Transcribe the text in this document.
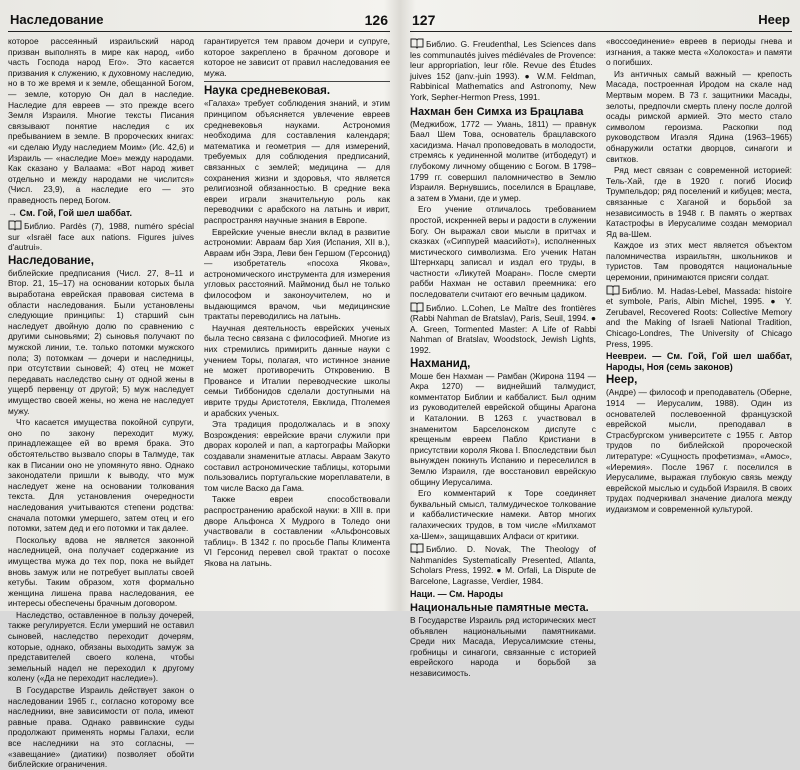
Наследование	126

которое рассеянный израильский народ призван выполнять в мире как народ, «ибо часть Господа народ Его». Это касается призвания к служению, к духовному наследию, но в то же время и к земле, обещанной Богом, — земле, которую Он дал в наследие. Наследие для евреев — это прежде всего Земля Израиля. Многие тексты Писания связывают понятие наследия с их пребыванием в земле. В пророческих книгах: «и сделаю Иуду наследием Моим» (Ис. 42,6) и Израиль — «наследие Мое» между народами. Как сказано у Валаама: «Вот народ живет отдельно и между народами не числится» (Числ. 23,9), а наследие его — это праведность перед Богом.

→ См. Гой, Гой шел шаббат.
Библио. Pardès (7), 1988, numéro spécial sur «Israël face aux nations. Figures juives d'autrui».
Наследование,

библейские предписания (Числ. 27, 8–11 и Втор. 21, 15–17) на основании которых была выработана еврейская правовая система в области наследования. Были установлены следующие принципы: 1) старший сын наследует двойную долю по сравнению с другими сыновьями; 2) сыновья получают по мужской линии, т.е. только потомки мужского пола; 3) потомкам — дочери и наследницы, при отсутствии сыновей; 4) отец не может передавать наследство сыну от одной жены в ущерб первенцу от другой; 5) муж наследует имущество своей жены, но жена не наследует мужу.

Что касается имущества покойной супруги, оно по закону переходит мужу, принадлежащее ей во время брака. Это обстоятельство вызвало споры в Талмуде, так как в Писании оно не упомянуто явно. Однако законодатели пришли к выводу, что муж наследует жене на основании толкования текста. Для установления очередности наследования учитываются степени родства: сначала потомки умершего, затем отец и его потомки, затем дед и его потомки и так далее.

Поскольку вдова не является законной наследницей, она получает содержание из имущества мужа до тех пор, пока не выйдет вновь замуж или не потребует выплаты своей кетубы. Таким образом, хотя формально женщина лишена права наследования, ее интересы обеспечены брачным договором.

Наследство, оставленное в пользу дочерей, также регулируется. Если умерший не оставил сыновей, наследство переходит дочерям, которые, однако, обязаны выходить замуж за представителей своего колена, чтобы земельный надел не переходил к другому колену («Да не переходит наследие»).

В Государстве Израиль действует закон о наследовании 1965 г., согласно которому все наследники, вне зависимости от пола, имеют равные права. Однако раввинские суды продолжают применять нормы Галахи, если все наследники на это согласны, — «завещание» (диатики) позволяет обойти библейские ограничения.

гарантируется тем правом дочери и супруге, которое закреплено в брачном договоре и которое не зависит от правил наследования ее мужа.

Наука средневековая.

«Галаха» требует соблюдения знаний, и этим принципом объясняется увлечение евреев средневековья науками. Астрономия необходима для составления календаря; математика и геометрия — для измерений, требуемых для соблюдения предписаний, связанных с землей; медицина — для сохранения жизни и здоровья, что является религиозной обязанностью. В средние века евреи играли значительную роль как переводчики с арабского на латынь и иврит, распространяя научные знания в Европе.

Еврейские ученые внесли вклад в развитие астрономии: Авраам бар Хия (Испания, XII в.), Авраам ибн Эзра, Леви бен Гершом (Герсонид) — изобретатель «посоха Якова», астрономического инструмента для измерения угловых расстояний. Маймонид был не только философом и законоучителем, но и выдающимся врачом, чьи медицинские трактаты переводились на латынь.

Научная деятельность еврейских ученых была тесно связана с философией. Многие из них стремились примирить данные науки с учением Торы, полагая, что истинное знание не может противоречить Откровению. В Провансе и Италии переводческие школы семьи Тиббонидов сделали доступными на иврите труды Аристотеля, Евклида, Птолемея и арабских ученых.

Эта традиция продолжалась и в эпоху Возрождения: еврейские врачи служили при дворах королей и пап, а картографы Майорки создавали знаменитые атласы. Авраам Закуто составил астрономические таблицы, которыми пользовались португальские мореплаватели, в том числе Васко да Гама.

Также евреи способствовали распространению арабской науки: в XIII в. при дворе Альфонса X Мудрого в Толедо они участвовали в составлении «Альфонсовых таблиц». В 1342 г. по просьбе Папы Климента VI Герсонид перевел свой трактат о посохе Якова на латынь.

127	Неер
Библио. G. Freudenthal, Les Sciences dans les communautés juives médiévales de Provence: leur appropriation, leur rôle. Revue des Études juives 152 (janv.-juin 1993). ● W.M. Feldman, Rabbinical Mathematics and Astronomy, New York, Sepher-Hermon Press, 1991.
Нахман бен Симха из Брацлава

(Меджибож, 1772 — Умань, 1811) — правнук Баал Шем Това, основатель брацлавского хасидизма. Начал проповедовать в молодости, стремясь к уединенной молитве (итбодедут) и глубокому личному общению с Богом. В 1798–1799 гг. совершил паломничество в Землю Израиля. Вернувшись, поселился в Брацлаве, а затем в Умани, где и умер.

Его учение отличалось требованием простой, искренней веры и радости в служении Богу. Он выражал свои мысли в притчах и сказках («Сиппурей маасийот»), исполненных мистического символизма. Его ученик Натан Штернхарц записал и издал его труды, в частности «Ликутей Моаран». После смерти рабби Нахман не оставил преемника: его последователи считают его вечным цадиком.

Библио. L.Cohen, Le Maître des frontières (Rabbi Nahman de Bratslav), Paris, Seuil, 1994. ● A. Green, Tormented Master: A Life of Rabbi Nahman of Bratslav, Woodstock, Jewish Lights, 1992.
Нахманид,

Моше бен Нахман — Рамбан (Жирона 1194 — Акра 1270) — виднейший талмудист, комментатор Библии и каббалист. Был одним из руководителей еврейской общины Арагона и Каталонии. В 1263 г. участвовал в знаменитом Барселонском диспуте с крещеным евреем Пабло Кристиани в присутствии короля Якова I. Впоследствии был вынужден покинуть Испанию и переселился в Землю Израиля, где восстановил еврейскую общину Иерусалима.

Его комментарий к Торе соединяет буквальный смысл, талмудическое толкование и каббалистические намеки. Автор многих галахических трудов, в том числе «Милхамот ха-Шем», защищавших Алфаси от критики.

Библио. D. Novak, The Theology of Nahmanides Systematically Presented, Atlanta, Scholars Press, 1992. ● M. Orfali, La Dispute de Barcelone, Lagrasse, Verdier, 1984.
Наци. — См. Народы
Национальные памятные места.

В Государстве Израиль ряд исторических мест объявлен национальными памятниками. Среди них Масада, Иерусалимские стены, гробницы и синагоги, связанные с историей еврейского народа и борьбой за независимость.

«воссоединение» евреев в периоды гнева и изгнания, а также места «Холокоста» и памяти о погибших.

Из античных самый важный — крепость Масада, построенная Иродом на скале над Мертвым морем. В 73 г. защитники Масады, зелоты, предпочли смерть плену после долгой осады римской армией. Это место стало символом героизма. Раскопки под руководством Игаэля Ядина (1963–1965) обнаружили остатки дворцов, синагоги и свитков.

Ряд мест связан с современной историей: Тель-Хай, где в 1920 г. погиб Иосиф Трумпельдор; ряд поселений и кибуцев; места, связанные с Хаганой и борьбой за независимость в 1948 г. В память о жертвах Катастрофы в Иерусалиме создан мемориал Яд ва-Шем.

Каждое из этих мест является объектом паломничества израильтян, школьников и туристов. Там проводятся национальные церемонии, принимаются присяги солдат.

Библио. M. Hadas-Lebel, Massada: histoire et symbole, Paris, Albin Michel, 1995. ● Y. Zerubavel, Recovered Roots: Collective Memory and the Making of Israeli National Tradition, Chicago-Londres, The University of Chicago Press, 1995.
Неевреи. — См. Гой, Гой шел шаббат, Народы, Ноя (семь законов)
Неер,

(Андре) — философ и преподаватель (Оберне, 1914 — Иерусалим, 1988). Один из основателей послевоенной французской еврейской мысли, преподавал в Страсбургском университете с 1955 г. Автор трудов по библейской пророческой литературе: «Сущность профетизма», «Амос», «Иеремия». После 1967 г. поселился в Иерусалиме, выражая глубокую связь между еврейской мыслью и судьбой Израиля. В своих трудах подчеркивал значение диалога между иудаизмом и современной культурой.
